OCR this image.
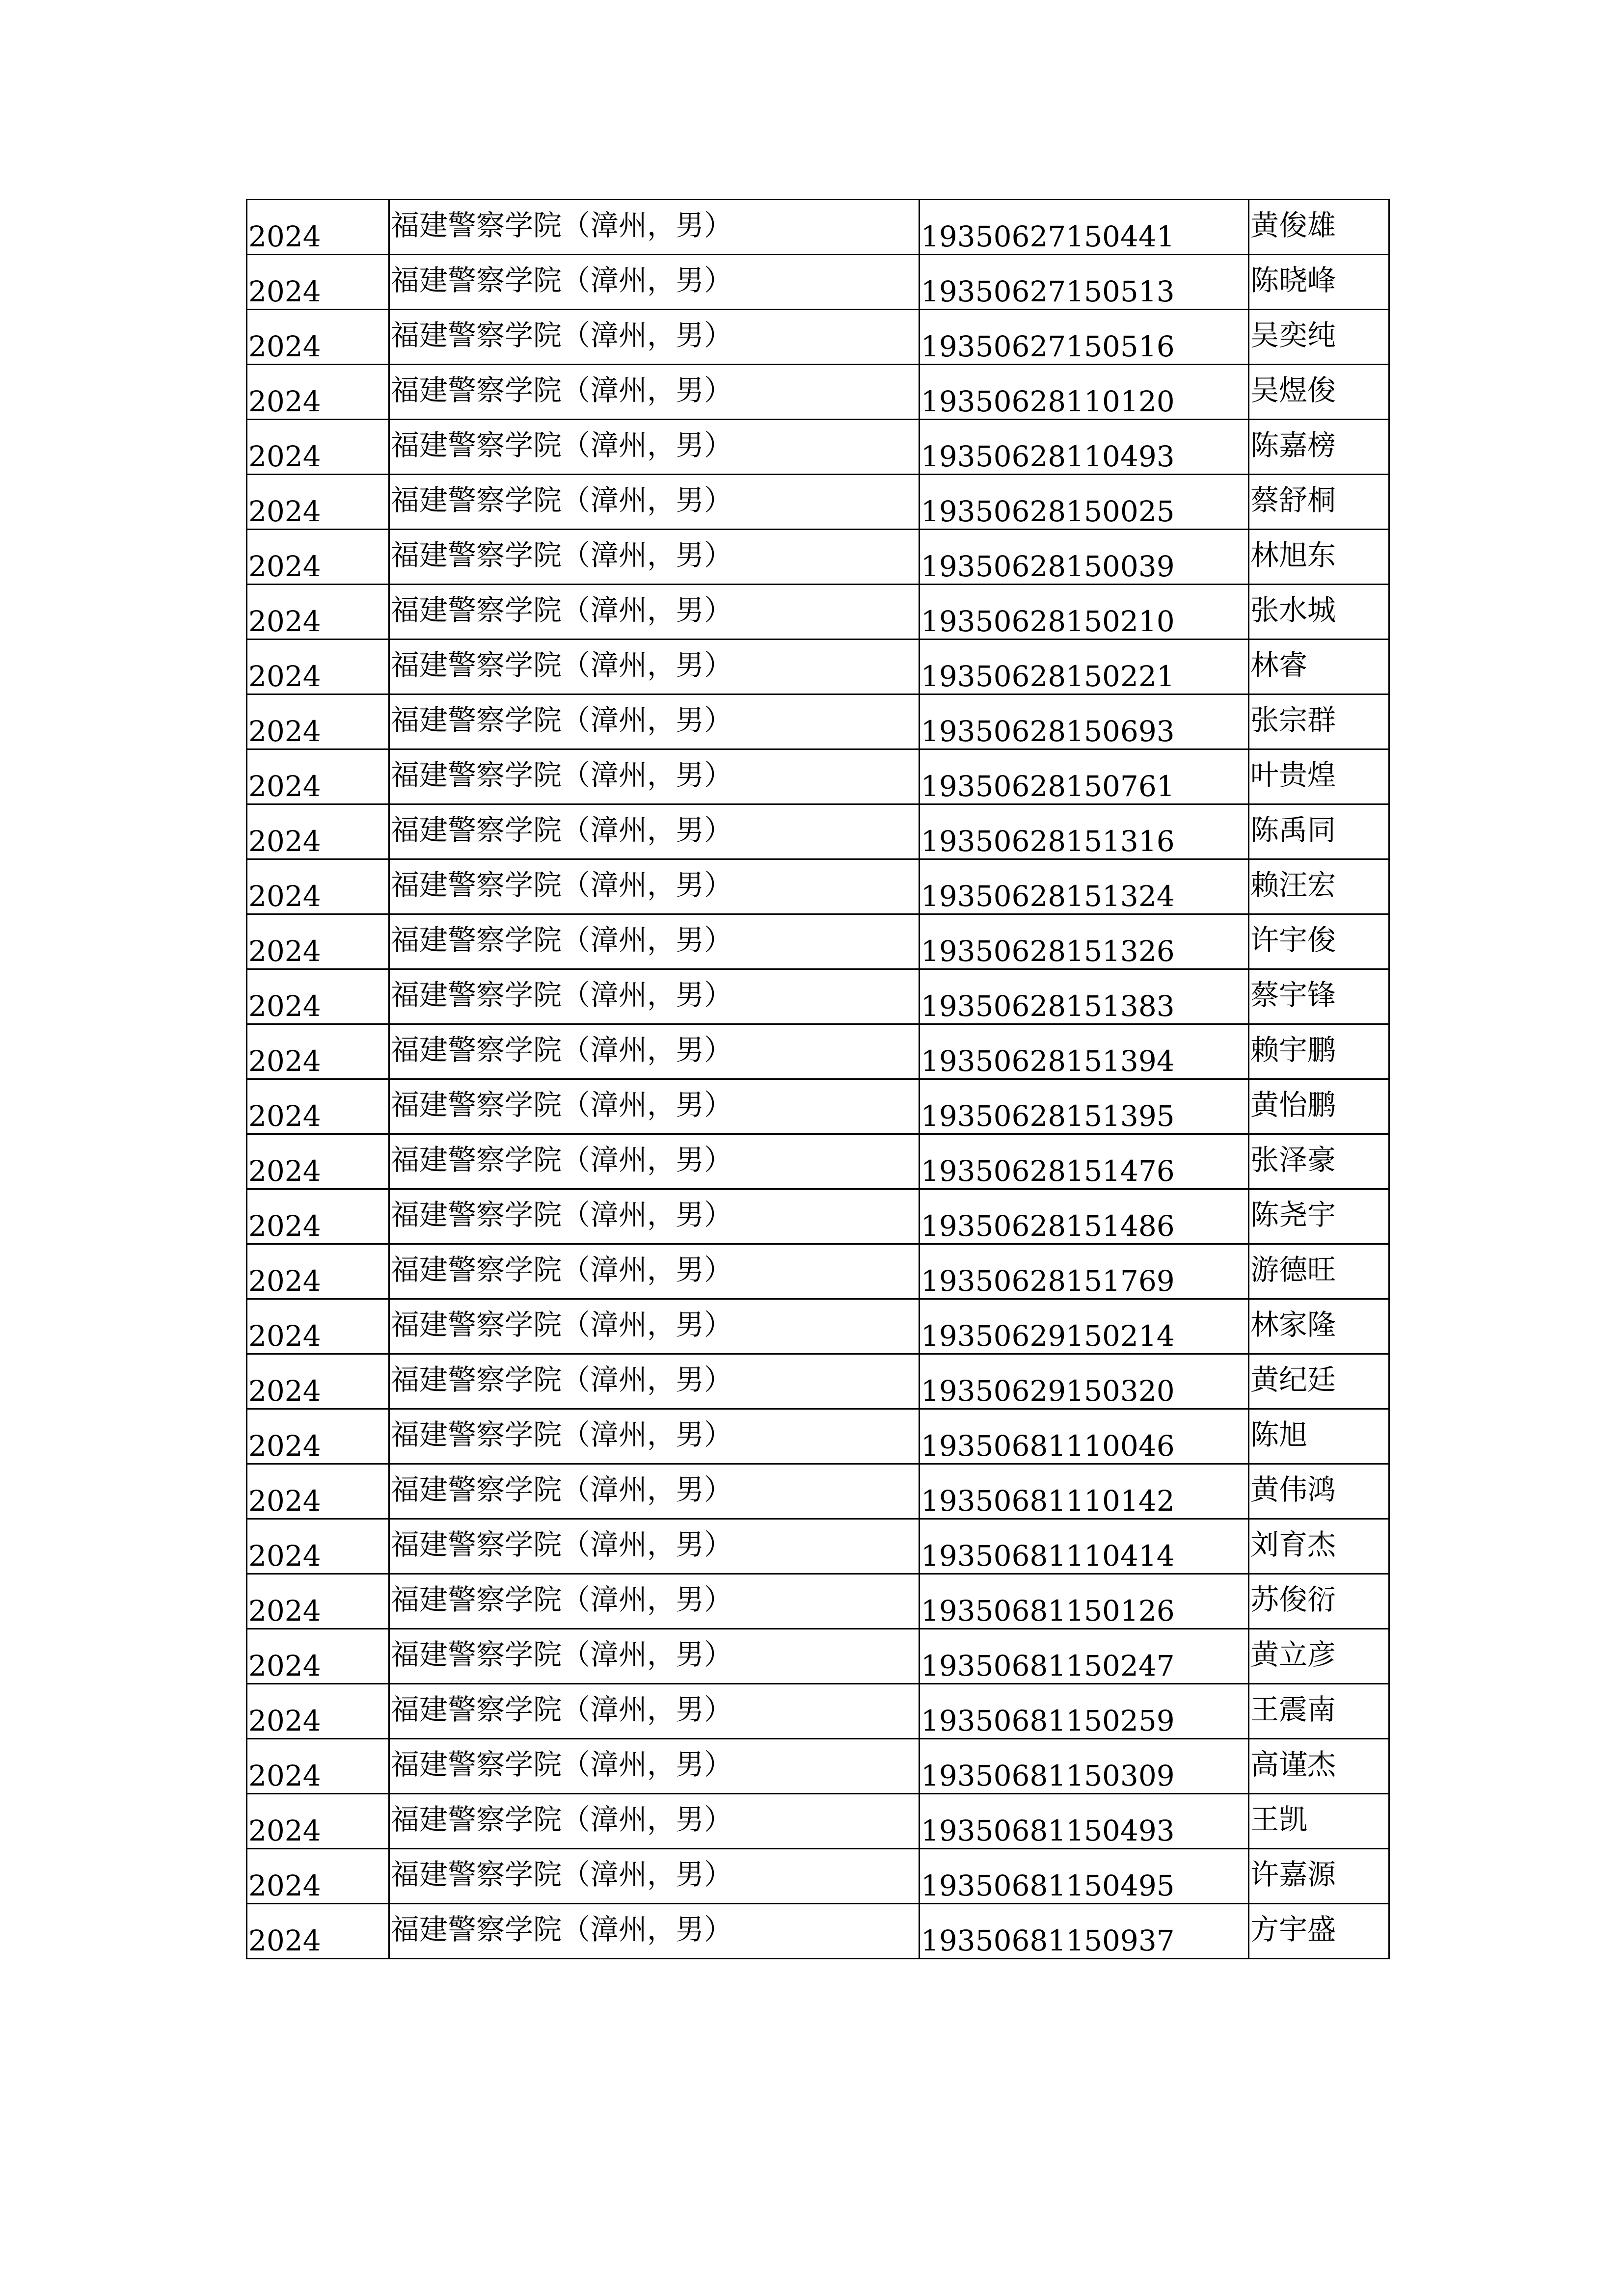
2024	福建警察学院（漳州，男）	19350627150441	黄俊雄
2024	福建警察学院（漳州，男）	19350627150513	陈晓峰
2024	福建警察学院（漳州，男）	19350627150516	吴奕纯
2024	福建警察学院（漳州，男）	19350628110120	吴煜俊
2024	福建警察学院（漳州，男）	19350628110493	陈嘉榜
2024	福建警察学院（漳州，男）	19350628150025	蔡舒桐
2024	福建警察学院（漳州，男）	19350628150039	林旭东
2024	福建警察学院（漳州，男）	19350628150210	张水城
2024	福建警察学院（漳州，男）	19350628150221	林睿
2024	福建警察学院（漳州，男）	19350628150693	张宗群
2024	福建警察学院（漳州，男）	19350628150761	叶贵煌
2024	福建警察学院（漳州，男）	19350628151316	陈禹同
2024	福建警察学院（漳州，男）	19350628151324	赖汪宏
2024	福建警察学院（漳州，男）	19350628151326	许宇俊
2024	福建警察学院（漳州，男）	19350628151383	蔡宇锋
2024	福建警察学院（漳州，男）	19350628151394	赖宇鹏
2024	福建警察学院（漳州，男）	19350628151395	黄怡鹏
2024	福建警察学院（漳州，男）	19350628151476	张泽豪
2024	福建警察学院（漳州，男）	19350628151486	陈尧宇
2024	福建警察学院（漳州，男）	19350628151769	游德旺
2024	福建警察学院（漳州，男）	19350629150214	林家隆
2024	福建警察学院（漳州，男）	19350629150320	黄纪廷
2024	福建警察学院（漳州，男）	19350681110046	陈旭
2024	福建警察学院（漳州，男）	19350681110142	黄伟鸿
2024	福建警察学院（漳州，男）	19350681110414	刘育杰
2024	福建警察学院（漳州，男）	19350681150126	苏俊衍
2024	福建警察学院（漳州，男）	19350681150247	黄立彦
2024	福建警察学院（漳州，男）	19350681150259	王震南
2024	福建警察学院（漳州，男）	19350681150309	高谨杰
2024	福建警察学院（漳州，男）	19350681150493	王凯
2024	福建警察学院（漳州，男）	19350681150495	许嘉源
2024	福建警察学院（漳州，男）	19350681150937	方宇盛
